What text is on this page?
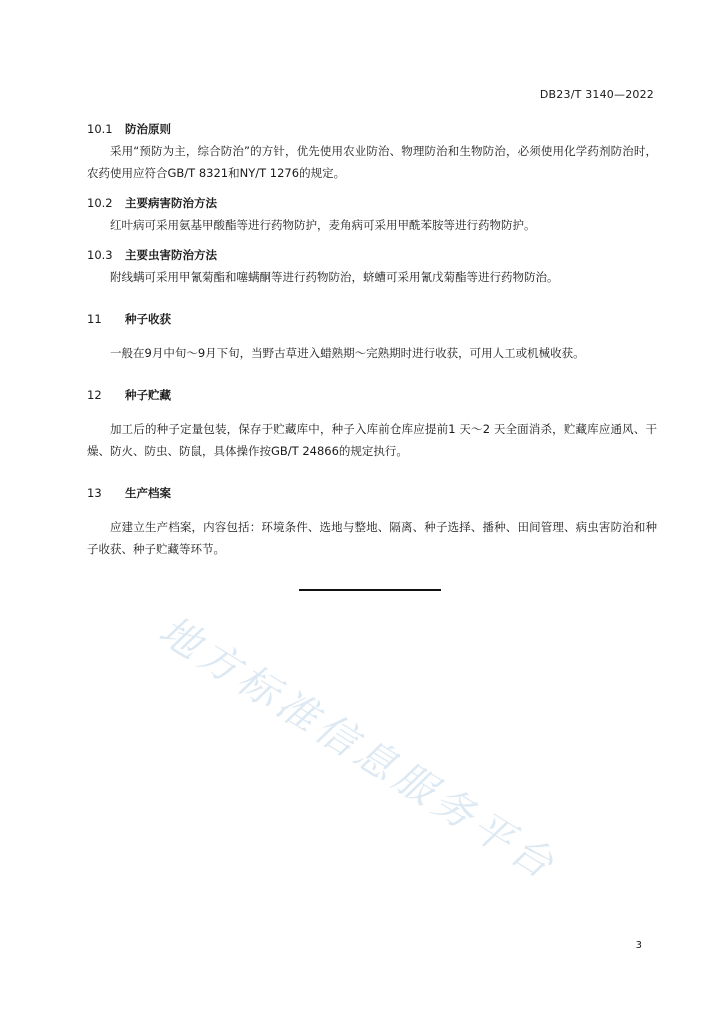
DB23/T 3140—2022
10.1 防治原则

采用“预防为主，综合防治”的方针，优先使用农业防治、物理防治和生物防治，必须使用化学药剂防治时，农药使用应符合GB/T 8321和NY/T 1276的规定。

10.2 主要病害防治方法

红叶病可采用氨基甲酸酯等进行药物防护，麦角病可采用甲酰苯胺等进行药物防护。

10.3 主要虫害防治方法

附线螨可采用甲氰菊酯和噻螨酮等进行药物防治，蛴螬可采用氰戊菊酯等进行药物防治。

11 种子收获

一般在9月中旬～9月下旬，当野古草进入蜡熟期～完熟期时进行收获，可用人工或机械收获。

12 种子贮藏

加工后的种子定量包装，保存于贮藏库中，种子入库前仓库应提前1 天～2 天全面消杀，贮藏库应通风、干燥、防火、防虫、防鼠，具体操作按GB/T 24866的规定执行。

13 生产档案

应建立生产档案，内容包括：环境条件、选地与整地、隔离、种子选择、播种、田间管理、病虫害防治和种子收获、种子贮藏等环节。

地方标准信息服务平台
3
